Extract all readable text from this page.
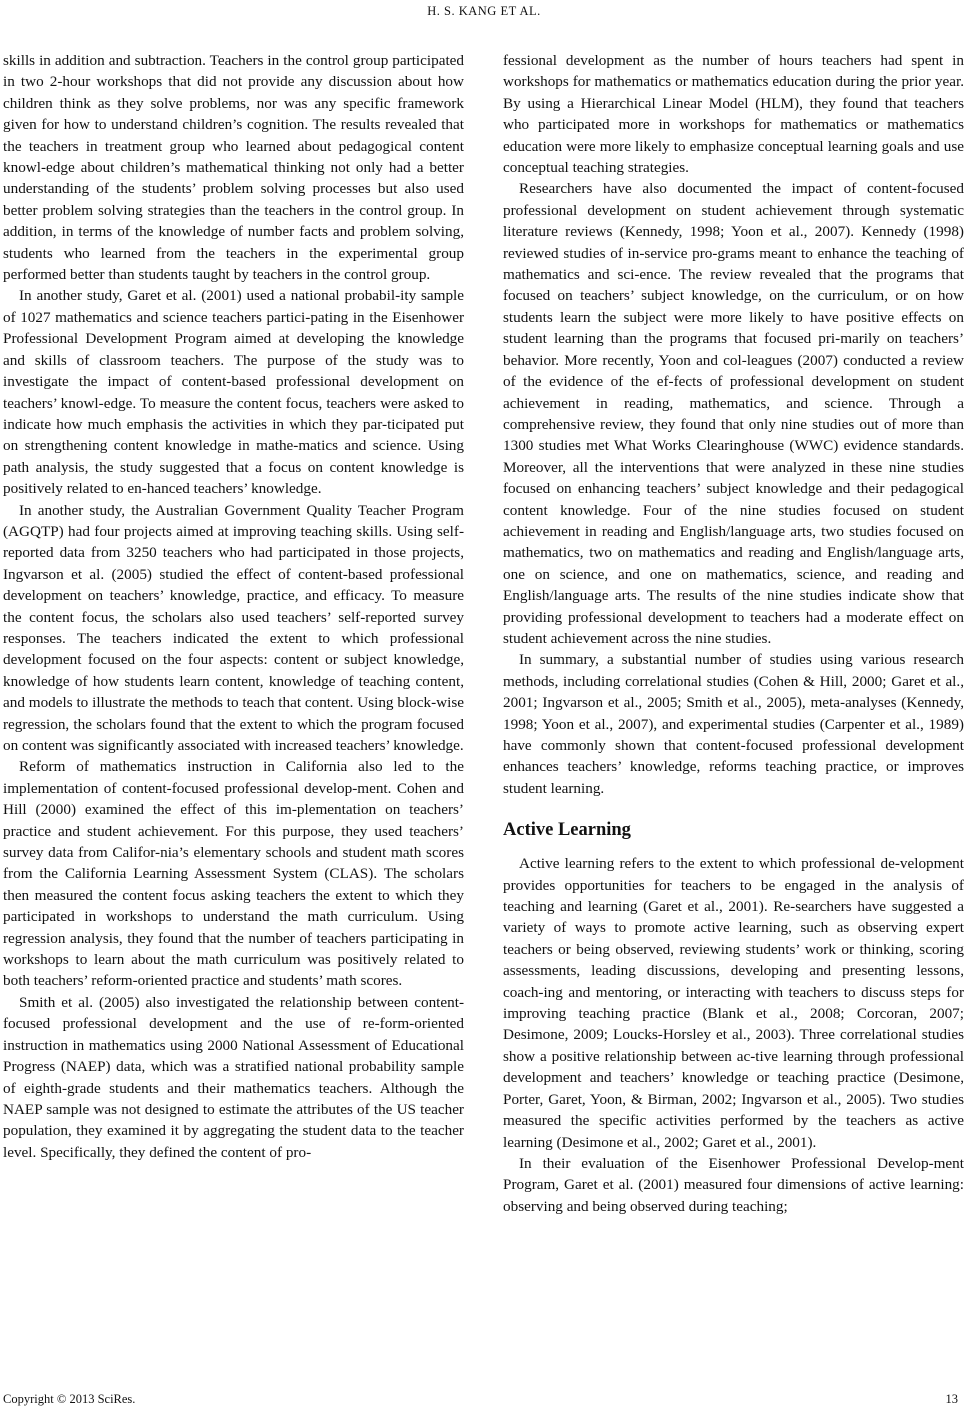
H. S. KANG ET AL.

skills in addition and subtraction. Teachers in the control group participated in two 2-hour workshops that did not provide any discussion about how children think as they solve problems, nor was any specific framework given for how to understand children’s cognition. The results revealed that the teachers in treatment group who learned about pedagogical content knowl-edge about children’s mathematical thinking not only had a better understanding of the students’ problem solving processes but also used better problem solving strategies than the teachers in the control group. In addition, in terms of the knowledge of number facts and problem solving, students who learned from the teachers in the experimental group performed better than students taught by teachers in the control group.

In another study, Garet et al. (2001) used a national probabil-ity sample of 1027 mathematics and science teachers partici-pating in the Eisenhower Professional Development Program aimed at developing the knowledge and skills of classroom teachers. The purpose of the study was to investigate the impact of content-based professional development on teachers’ knowl-edge. To measure the content focus, teachers were asked to indicate how much emphasis the activities in which they par-ticipated put on strengthening content knowledge in mathe-matics and science. Using path analysis, the study suggested that a focus on content knowledge is positively related to en-hanced teachers’ knowledge.

In another study, the Australian Government Quality Teacher Program (AGQTP) had four projects aimed at improving teaching skills. Using self-reported data from 3250 teachers who had participated in those projects, Ingvarson et al. (2005) studied the effect of content-based professional development on teachers’ knowledge, practice, and efficacy. To measure the content focus, the scholars also used teachers’ self-reported survey responses. The teachers indicated the extent to which professional development focused on the four aspects: content or subject knowledge, knowledge of how students learn content, knowledge of teaching content, and models to illustrate the methods to teach that content. Using block-wise regression, the scholars found that the extent to which the program focused on content was significantly associated with increased teachers’ knowledge.

Reform of mathematics instruction in California also led to the implementation of content-focused professional develop-ment. Cohen and Hill (2000) examined the effect of this im-plementation on teachers’ practice and student achievement. For this purpose, they used teachers’ survey data from Califor-nia’s elementary schools and student math scores from the California Learning Assessment System (CLAS). The scholars then measured the content focus asking teachers the extent to which they participated in workshops to understand the math curriculum. Using regression analysis, they found that the number of teachers participating in workshops to learn about the math curriculum was positively related to both teachers’ reform-oriented practice and students’ math scores.

Smith et al. (2005) also investigated the relationship between content-focused professional development and the use of re-form-oriented instruction in mathematics using 2000 National Assessment of Educational Progress (NAEP) data, which was a stratified national probability sample of eighth-grade students and their mathematics teachers. Although the NAEP sample was not designed to estimate the attributes of the US teacher population, they examined it by aggregating the student data to the teacher level. Specifically, they defined the content of pro-

fessional development as the number of hours teachers had spent in workshops for mathematics or mathematics education during the prior year. By using a Hierarchical Linear Model (HLM), they found that teachers who participated more in workshops for mathematics or mathematics education were more likely to emphasize conceptual learning goals and use conceptual teaching strategies.

Researchers have also documented the impact of content-focused professional development on student achievement through systematic literature reviews (Kennedy, 1998; Yoon et al., 2007). Kennedy (1998) reviewed studies of in-service pro-grams meant to enhance the teaching of mathematics and sci-ence. The review revealed that the programs that focused on teachers’ subject knowledge, on the curriculum, or on how students learn the subject were more likely to have positive effects on student learning than the programs that focused pri-marily on teachers’ behavior. More recently, Yoon and col-leagues (2007) conducted a review of the evidence of the ef-fects of professional development on student achievement in reading, mathematics, and science. Through a comprehensive review, they found that only nine studies out of more than 1300 studies met What Works Clearinghouse (WWC) evidence standards. Moreover, all the interventions that were analyzed in these nine studies focused on enhancing teachers’ subject knowledge and their pedagogical content knowledge. Four of the nine studies focused on student achievement in reading and English/language arts, two studies focused on mathematics, two on mathematics and reading and English/language arts, one on science, and one on mathematics, science, and reading and English/language arts. The results of the nine studies indicate show that providing professional development to teachers had a moderate effect on student achievement across the nine studies.

In summary, a substantial number of studies using various research methods, including correlational studies (Cohen & Hill, 2000; Garet et al., 2001; Ingvarson et al., 2005; Smith et al., 2005), meta-analyses (Kennedy, 1998; Yoon et al., 2007), and experimental studies (Carpenter et al., 1989) have commonly shown that content-focused professional development enhances teachers’ knowledge, reforms teaching practice, or improves student learning.

Active Learning

Active learning refers to the extent to which professional de-velopment provides opportunities for teachers to be engaged in the analysis of teaching and learning (Garet et al., 2001). Re-searchers have suggested a variety of ways to promote active learning, such as observing expert teachers or being observed, reviewing students’ work or thinking, scoring assessments, leading discussions, developing and presenting lessons, coach-ing and mentoring, or interacting with teachers to discuss steps for improving teaching practice (Blank et al., 2008; Corcoran, 2007; Desimone, 2009; Loucks-Horsley et al., 2003). Three correlational studies show a positive relationship between ac-tive learning through professional development and teachers’ knowledge or teaching practice (Desimone, Porter, Garet, Yoon, & Birman, 2002; Ingvarson et al., 2005). Two studies measured the specific activities performed by the teachers as active learning (Desimone et al., 2002; Garet et al., 2001).

In their evaluation of the Eisenhower Professional Develop-ment Program, Garet et al. (2001) measured four dimensions of active learning: observing and being observed during teaching;

Copyright © 2013 SciRes.	13
